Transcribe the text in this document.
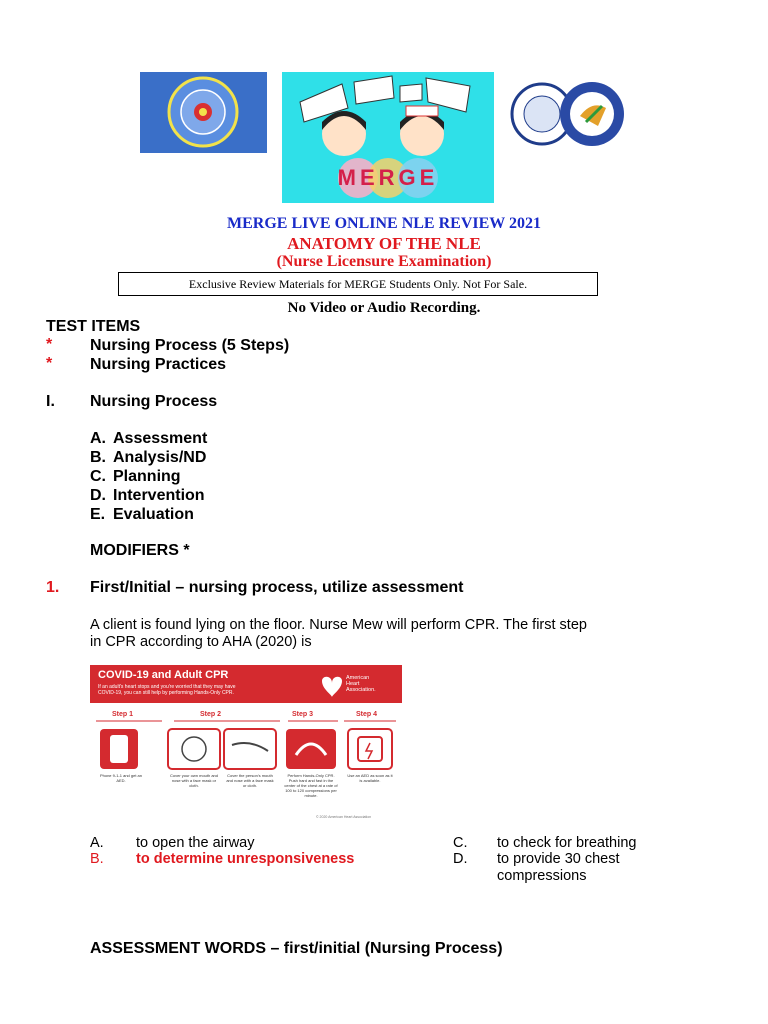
MERGE
MERGE LIVE ONLINE NLE REVIEW 2021
ANATOMY OF THE NLE
(Nurse Licensure Examination)
Exclusive Review Materials for MERGE Students Only. Not For Sale.
No Video or Audio Recording.
TEST ITEMS
* Nursing Process (5 Steps)
* Nursing Practices
I. Nursing Process
A. Assessment
B. Analysis/ND
C. Planning
D. Intervention
E. Evaluation
MODIFIERS *
1. First/Initial – nursing process, utilize assessment
A client is found lying on the floor. Nurse Mew will perform CPR. The first step
in CPR according to AHA (2020) is
COVID-19 and Adult CPR
If an adult's heart stops and you're worried that they may have
COVID-19, you can still help by performing Hands-Only CPR.
American
Heart
Association.
Step 1	Step 2	Step 3	Step 4
Phone 9-1-1 and get an AED.
Cover your own mouth and nose with a face mask or cloth.
Cover the person's mouth and nose with a face mask or cloth.
Perform Hands-Only CPR. Push hard and fast in the center of the chest at a rate of 100 to 120 compressions per minute.
Use an AED as soon as it is available.
© 2020 American Heart Association
A. to open the airway
B. to determine unresponsiveness
C. to check for breathing
D. to provide 30 chest
compressions
ASSESSMENT WORDS – first/initial (Nursing Process)
